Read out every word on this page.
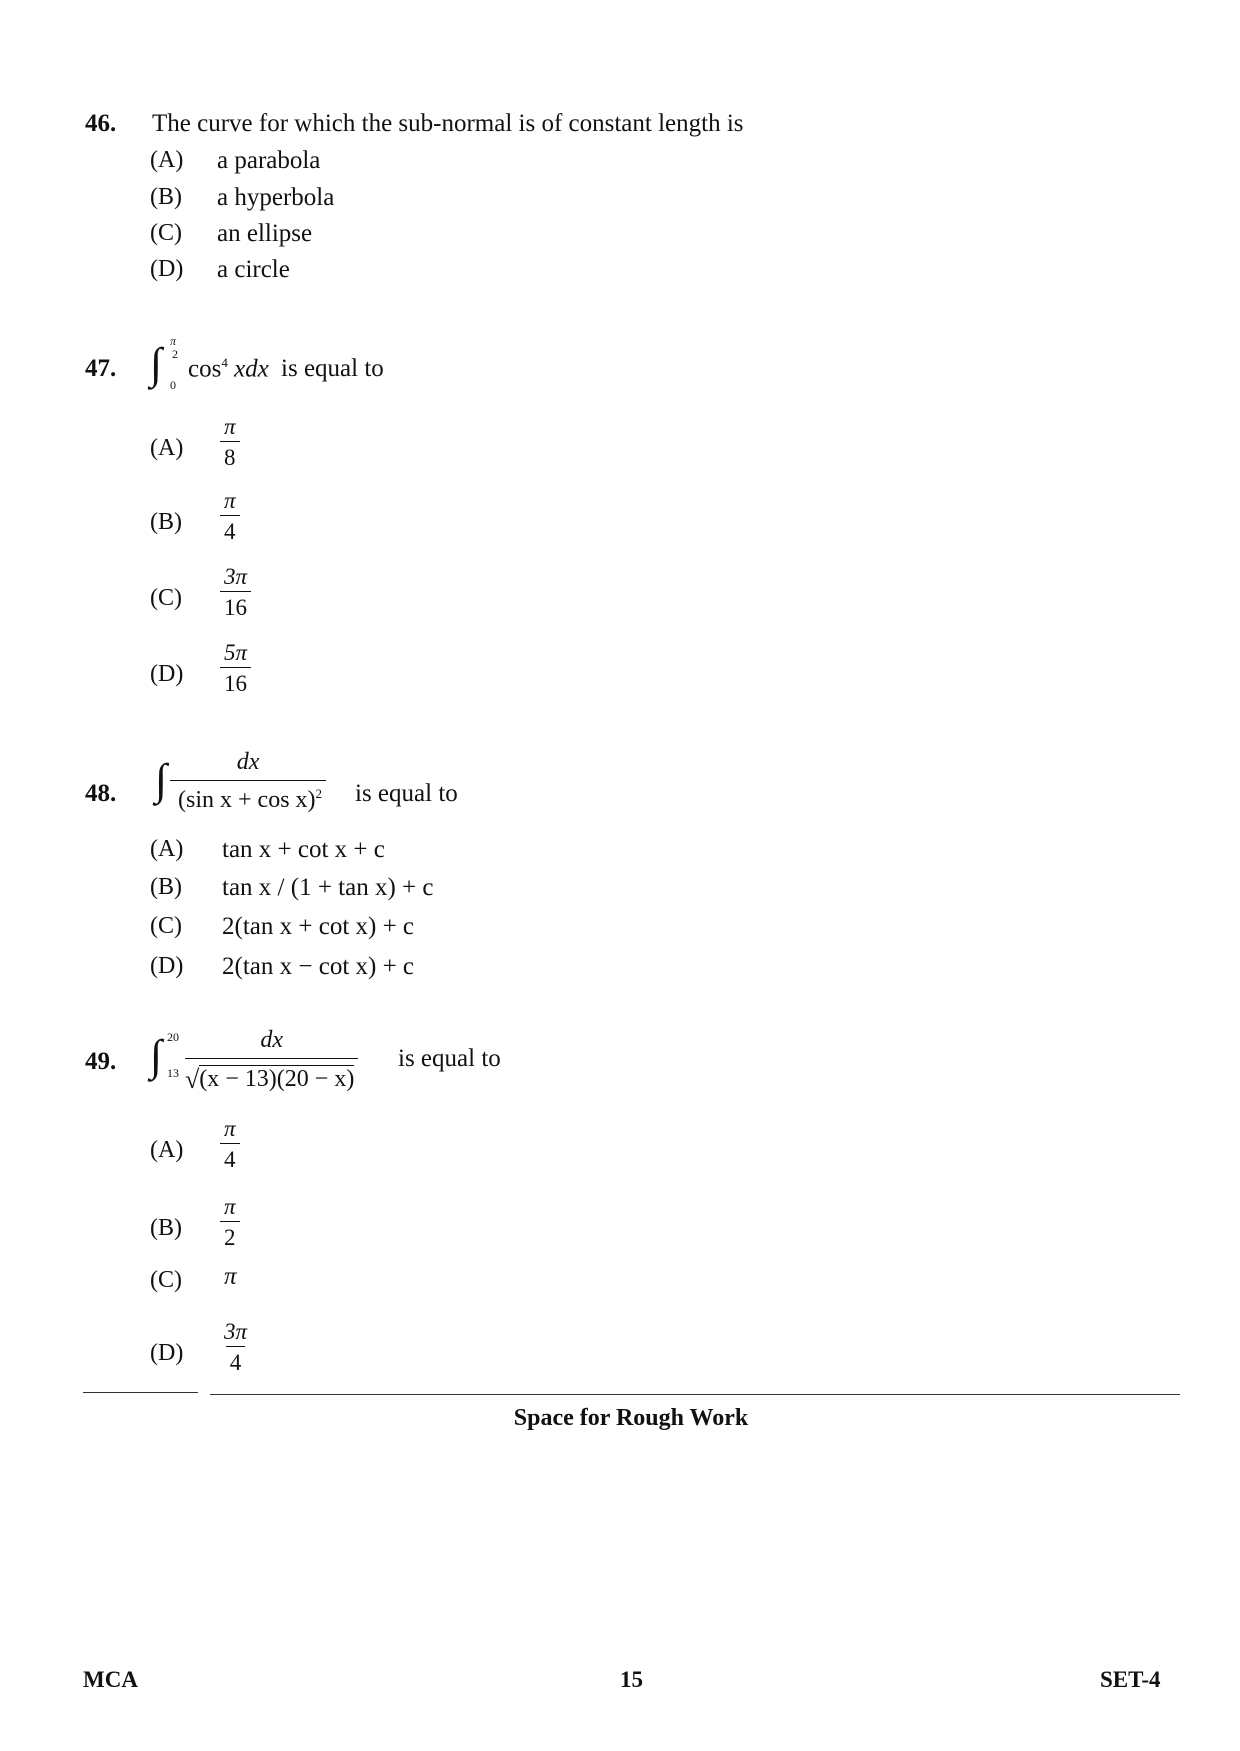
46. The curve for which the sub-normal is of constant length is
(A) a parabola
(B) a hyperbola
(C) an ellipse
(D) a circle
47. ∫ π
2
0
$\cos^4$ xdx is equal to
$(A) \frac{\pi}{8}$
$(B) \frac{\pi}{4}$
$(C) \frac{3\pi}{16}$
$(D) \frac{5\pi}{16}$
48. ∫ $\frac{dx}{(\sin x + \cos x)^2}$ is equal to
(A) tan x + cot x + c
(B) tan x / (1 + tan x) + c
(C) 2(tan x + cot x) + c
(D) 2(tan x − cot x) + c
49. ∫ 20
$13 \frac{dx}{√(x - 13)(20 - x)}$ is equal to
$(A) \frac{\pi}{4}$
$(B) \frac{\pi}{2}$
(C) π
$(D) \frac{3\pi}{4}$
Space for Rough Work
MCA	15	SET-4
